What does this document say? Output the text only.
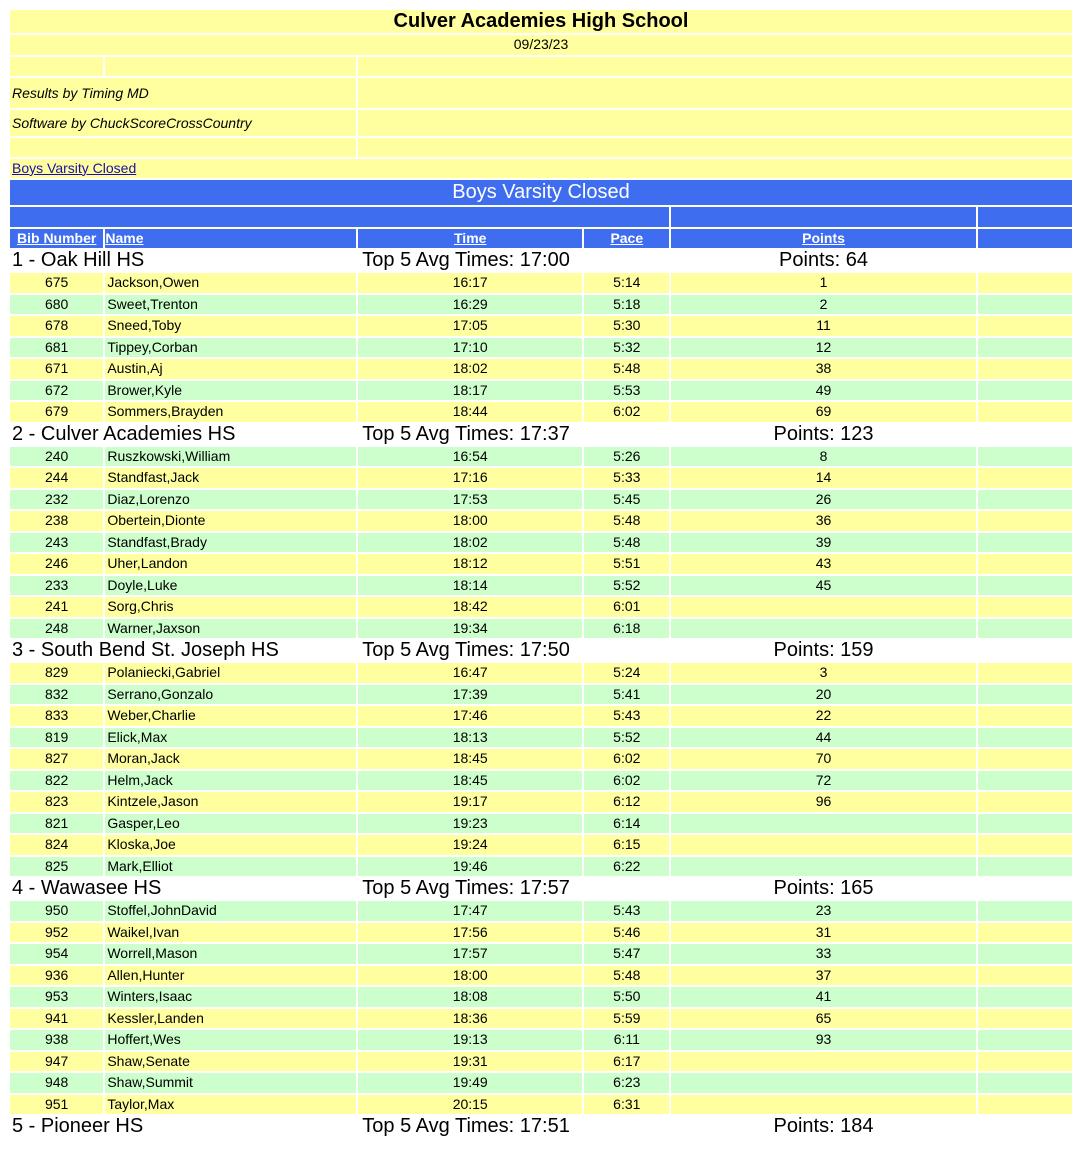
Culver Academies High School					
09/23/23					

Results by Timing MD					
Software by ChuckScoreCrossCountry					

Boys Varsity Closed					
Boys Varsity Closed					

Bib Number	Name	Time	Pace	Points	
1 - Oak Hill HS		Top 5 Avg Times: 17:00		Points: 64	
675	Jackson,Owen	16:17	5:14	1	
680	Sweet,Trenton	16:29	5:18	2	
678	Sneed,Toby	17:05	5:30	11	
681	Tippey,Corban	17:10	5:32	12	
671	Austin,Aj	18:02	5:48	38	
672	Brower,Kyle	18:17	5:53	49	
679	Sommers,Brayden	18:44	6:02	69	
2 - Culver Academies HS		Top 5 Avg Times: 17:37		Points: 123	
240	Ruszkowski,William	16:54	5:26	8	
244	Standfast,Jack	17:16	5:33	14	
232	Diaz,Lorenzo	17:53	5:45	26	
238	Obertein,Dionte	18:00	5:48	36	
243	Standfast,Brady	18:02	5:48	39	
246	Uher,Landon	18:12	5:51	43	
233	Doyle,Luke	18:14	5:52	45	
241	Sorg,Chris	18:42	6:01		
248	Warner,Jaxson	19:34	6:18		
3 - South Bend St. Joseph HS		Top 5 Avg Times: 17:50		Points: 159	
829	Polaniecki,Gabriel	16:47	5:24	3	
832	Serrano,Gonzalo	17:39	5:41	20	
833	Weber,Charlie	17:46	5:43	22	
819	Elick,Max	18:13	5:52	44	
827	Moran,Jack	18:45	6:02	70	
822	Helm,Jack	18:45	6:02	72	
823	Kintzele,Jason	19:17	6:12	96	
821	Gasper,Leo	19:23	6:14		
824	Kloska,Joe	19:24	6:15		
825	Mark,Elliot	19:46	6:22		
4 - Wawasee HS		Top 5 Avg Times: 17:57		Points: 165	
950	Stoffel,JohnDavid	17:47	5:43	23	
952	Waikel,Ivan	17:56	5:46	31	
954	Worrell,Mason	17:57	5:47	33	
936	Allen,Hunter	18:00	5:48	37	
953	Winters,Isaac	18:08	5:50	41	
941	Kessler,Landen	18:36	5:59	65	
938	Hoffert,Wes	19:13	6:11	93	
947	Shaw,Senate	19:31	6:17		
948	Shaw,Summit	19:49	6:23		
951	Taylor,Max	20:15	6:31		
5 - Pioneer HS		Top 5 Avg Times: 17:51		Points: 184	
